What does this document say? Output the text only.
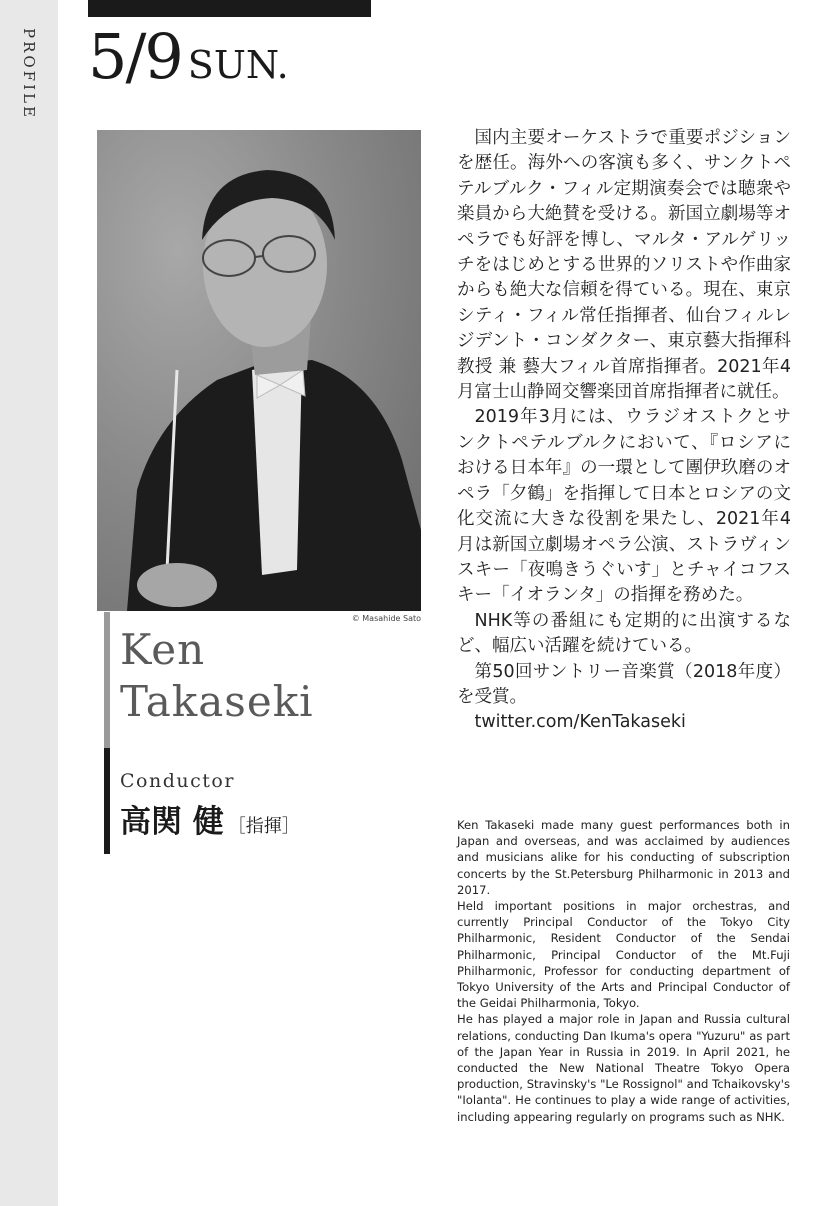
PROFILE 5/9 SUN.
© Masahide Sato
Ken
Takaseki
Conductor
高関 健 ［指揮］

国内主要オーケストラで重要ポジションを歴任。海外への客演も多く、サンクトペテルブルク・フィル定期演奏会では聴衆や楽員から大絶賛を受ける。新国立劇場等オペラでも好評を博し、マルタ・アルゲリッチをはじめとする世界的ソリストや作曲家からも絶大な信頼を得ている。現在、東京シティ・フィル常任指揮者、仙台フィルレジデント・コンダクター、東京藝大指揮科教授 兼 藝大フィル首席指揮者。2021年4月富士山静岡交響楽団首席指揮者に就任。

2019年3月には、ウラジオストクとサンクトペテルブルクにおいて、『ロシアにおける日本年』の一環として團伊玖磨のオペラ「夕鶴」を指揮して日本とロシアの文化交流に大きな役割を果たし、2021年4月は新国立劇場オペラ公演、ストラヴィンスキー「夜鳴きうぐいす」とチャイコフスキー「イオランタ」の指揮を務めた。

NHK等の番組にも定期的に出演するなど、幅広い活躍を続けている。

第50回サントリー音楽賞（2018年度）を受賞。

twitter.com/KenTakaseki

Ken Takaseki made many guest performances both in Japan and overseas, and was acclaimed by audiences and musicians alike for his conducting of subscription concerts by the St.Petersburg Philharmonic in 2013 and 2017.

Held important positions in major orchestras, and currently Principal Conductor of the Tokyo City Philharmonic, Resident Conductor of the Sendai Philharmonic, Principal Conductor of the Mt.Fuji Philharmonic, Professor for conducting department of Tokyo University of the Arts and Principal Conductor of the Geidai Philharmonia, Tokyo.

He has played a major role in Japan and Russia cultural relations, conducting Dan Ikuma's opera "Yuzuru" as part of the Japan Year in Russia in 2019. In April 2021, he conducted the New National Theatre Tokyo Opera production, Stravinsky's "Le Rossignol" and Tchaikovsky's "Iolanta". He continues to play a wide range of activities, including appearing regularly on programs such as NHK.
